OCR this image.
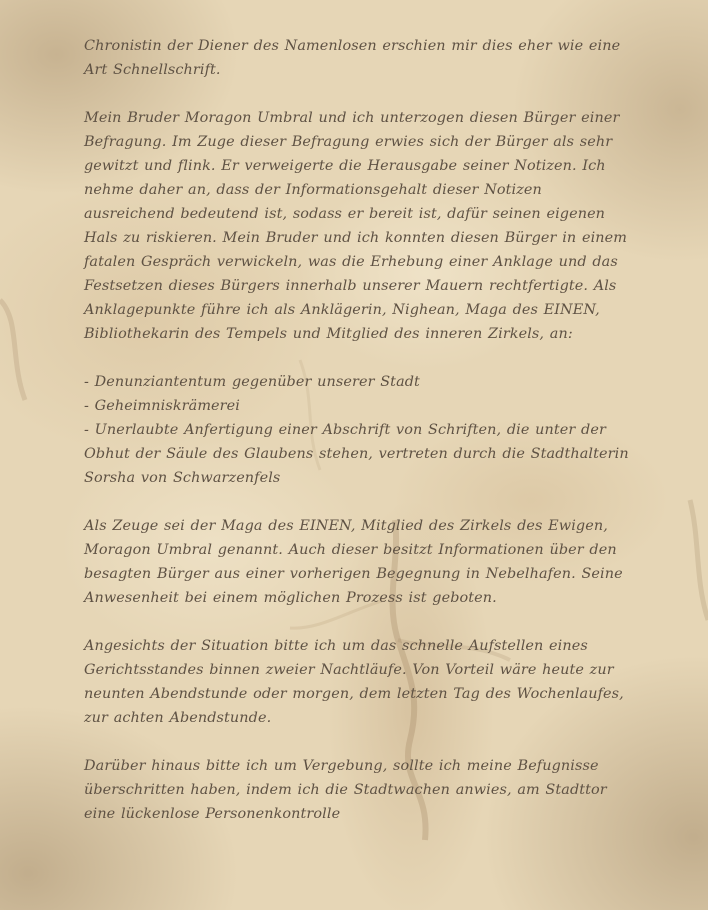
Chronistin der Diener des Namenlosen erschien mir dies eher wie eine Art Schnellschrift.

Mein Bruder Moragon Umbral und ich unterzogen diesen Bürger einer Befragung. Im Zuge dieser Befragung erwies sich der Bürger als sehr gewitzt und flink. Er verweigerte die Herausgabe seiner Notizen. Ich nehme daher an, dass der Informationsgehalt dieser Notizen ausreichend bedeutend ist, sodass er bereit ist, dafür seinen eigenen Hals zu riskieren. Mein Bruder und ich konnten diesen Bürger in einem fatalen Gespräch verwickeln, was die Erhebung einer Anklage und das Festsetzen dieses Bürgers innerhalb unserer Mauern rechtfertigte. Als Anklagepunkte führe ich als Anklägerin, Nighean, Maga des EINEN, Bibliothekarin des Tempels und Mitglied des inneren Zirkels, an:

- Denunziantentum gegenüber unserer Stadt
- Geheimniskrämerei
- Unerlaubte Anfertigung einer Abschrift von Schriften, die unter der Obhut der Säule des Glaubens stehen, vertreten durch die Stadthalterin Sorsha von Schwarzenfels

Als Zeuge sei der Maga des EINEN, Mitglied des Zirkels des Ewigen, Moragon Umbral genannt. Auch dieser besitzt Informationen über den besagten Bürger aus einer vorherigen Begegnung in Nebelhafen. Seine Anwesenheit bei einem möglichen Prozess ist geboten.

Angesichts der Situation bitte ich um das schnelle Aufstellen eines Gerichtsstandes binnen zweier Nachtläufe. Von Vorteil wäre heute zur neunten Abendstunde oder morgen, dem letzten Tag des Wochenlaufes, zur achten Abendstunde.

Darüber hinaus bitte ich um Vergebung, sollte ich meine Befugnisse überschritten haben, indem ich die Stadtwachen anwies, am Stadttor eine lückenlose Personenkontrolle
